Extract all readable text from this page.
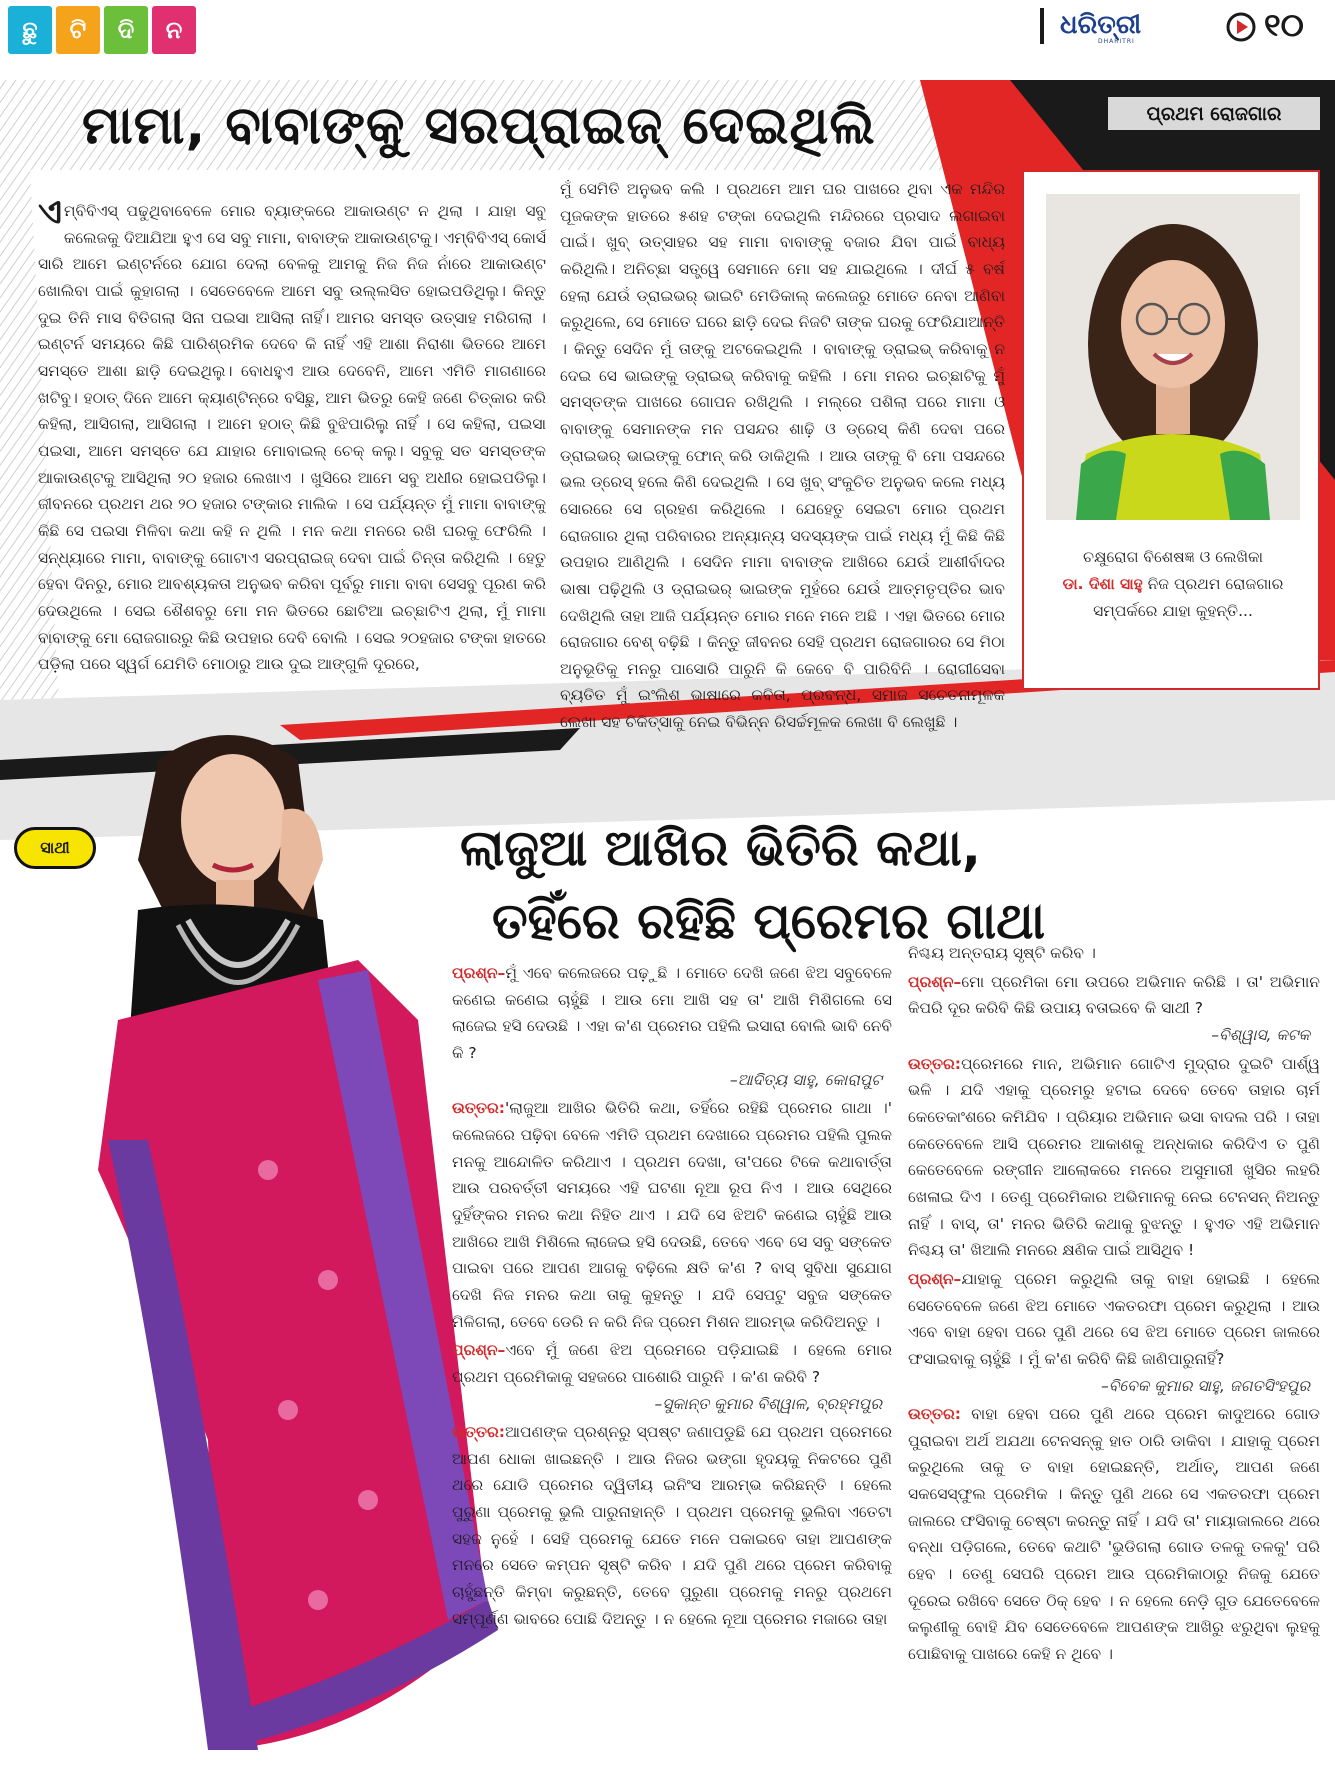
ଛୁ	ଟି	ଦି	ନ	ଧରିତ୍ରୀ
DHARITRI	୧୦
ମାମା, ବାବାଙ୍କୁ ସରପ୍ରାଇଜ୍ ଦେଇଥିଲି	ପ୍ରଥମ ରୋଜଗାର
ଚକ୍ଷୁରୋଗ ବିଶେଷଜ୍ଞ ଓ ଲେଖିକା
ଡା. ଦିଶା ସାହୁ ନିଜ ପ୍ରଥମ ରୋଜଗାର
ସମ୍ପର୍କରେ ଯାହା କୁହନ୍ତି...
ଏମ୍‌ବିବିଏସ୍ ପଢୁଥିବାବେଳେ ମୋର ବ୍ୟାଙ୍କରେ ଆକାଉଣ୍ଟ ନ ଥିଲା । ଯାହା ସବୁ କଲେଜକୁ ଦିଆଯିଆ ହୁଏ ସେ ସବୁ ମାମା, ବାବାଙ୍କ ଆକାଉଣ୍ଟକୁ। ଏମ୍‌ବିବିଏସ୍ କୋର୍ସ ସାରି ଆମେ ଇଣ୍ଟର୍ନରେ ଯୋଗ ଦେଲା ବେଳକୁ ଆମକୁ ନିଜ ନିଜ ନାଁରେ ଆକାଉଣ୍ଟ ଖୋଲିବା ପାଇଁ କୁହାଗଲା । ସେତେବେଳେ ଆମେ ସବୁ ଉଲ୍ଲସିତ ହୋଇପଡିଥିଲୁ। କିନ୍ତୁ ଦୁଇ ତିନି ମାସ ବିତିଗଲା ସିନା ପଇସା ଆସିଲା ନାହିଁ। ଆମର ସମସ୍ତ ଉତ୍ସାହ ମରିଗଲା । ଇଣ୍ଟର୍ନ ସମୟରେ କିଛି ପାରିଶ୍ରମିକ ଦେବେ କି ନାହିଁ ଏହି ଆଶା ନିରାଶା ଭିତରେ ଆମେ ସମସ୍ତେ ଆଶା ଛାଡ଼ି ଦେଇଥିଲୁ। ବୋଧହୁଏ ଆଉ ଦେବେନି, ଆମେ ଏମିତି ମାଗଣାରେ ଖଟିବୁ। ହଠାତ୍ ଦିନେ ଆମେ କ୍ୟାଣ୍ଟିନ୍‌ରେ ବସିଛୁ, ଆମ ଭିତରୁ କେହି ଜଣେ ଚିତ୍କାର କରି କହିଲା, ଆସିଗଲା, ଆସିଗଲା । ଆମେ ହଠାତ୍ କିଛି ବୁଝିପାରିଲୁ ନାହିଁ । ସେ କହିଲା, ପଇସା ପଇସା, ଆମେ ସମସ୍ତେ ଯେ ଯାହାର ମୋବାଇଲ୍ ଚେକ୍ କଲୁ। ସବୁକୁ ସତ ସମସ୍ତଙ୍କ ଆକାଉଣ୍ଟକୁ ଆସିଥିଲା ୨୦ ହଜାର ଲେଖାଏ । ଖୁସିରେ ଆମେ ସବୁ ଅଧୀର ହୋଇପଡିଲୁ। ଜୀବନରେ ପ୍ରଥମ ଥର ୨୦ ହଜାର ଟଙ୍କାର ମାଲିକ । ସେ ପର୍ଯ୍ୟନ୍ତ ମୁଁ ମାମା ବାବାଙ୍କୁ କିଛି ସେ ପଇସା ମିଳିବା କଥା କହି ନ ଥିଲି । ମନ କଥା ମନରେ ରଖି ଘରକୁ ଫେରିଲି । ସନ୍ଧ୍ୟାରେ ମାମା, ବାବାଙ୍କୁ ଗୋଟାଏ ସରପ୍ରାଇଜ୍ ଦେବା ପାଇଁ ଚିନ୍ତା କରିଥିଲି । ହେତୁ ହେବା ଦିନରୁ, ମୋର ଆବଶ୍ୟକତା ଅନୁଭବ କରିବା ପୂର୍ବରୁ ମାମା ବାବା ସେସବୁ ପୂରଣ କରି ଦେଉଥିଲେ । ସେଇ ଶୈଶବରୁ ମୋ ମନ ଭିତରେ ଛୋଟିଆ ଇଚ୍ଛାଟିଏ ଥିଲା, ମୁଁ ମାମା ବାବାଙ୍କୁ ମୋ ରୋଜଗାରରୁ କିଛି ଉପହାର ଦେବି ବୋଲି । ସେଇ ୨୦ହଜାର ଟଙ୍କା ହାତରେ ପଡ଼ିଲା ପରେ ସ୍ୱର୍ଗ ଯେମିତି ମୋଠାରୁ ଆଉ ଦୁଇ ଆଙ୍ଗୁଳି ଦୂରରେ,
ମୁଁ ସେମିତି ଅନୁଭବ କଲି । ପ୍ରଥମେ ଆମ ଘର ପାଖରେ ଥିବା ଏକ ମନ୍ଦିର ପୂଜକଙ୍କ ହାତରେ ୫ଶହ ଟଙ୍କା ଦେଇଥିଲି ମନ୍ଦିରରେ ପ୍ରସାଦ ଲଗାଇବା ପାଇଁ। ଖୁବ୍ ଉତ୍ସାହର ସହ ମାମା ବାବାଙ୍କୁ ବଜାର ଯିବା ପାଇଁ ବାଧ୍ୟ କରିଥିଲି। ଅନିଚ୍ଛା ସତ୍ତ୍ୱେ ସେମାନେ ମୋ ସହ ଯାଇଥିଲେ । ଦୀର୍ଘ ୫ ବର୍ଷ ହେଲା ଯେଉଁ ଡ୍ରାଇଭର୍ ଭାଇଟି ମେଡିକାଲ୍ କଲେଜରୁ ମୋତେ ନେବା ଆଣିବା କରୁଥିଲେ, ସେ ମୋତେ ଘରେ ଛାଡ଼ି ଦେଇ ନିଜଟି ତାଙ୍କ ଘରକୁ ଫେରିଯାଆନ୍ତି । କିନ୍ତୁ ସେଦିନ ମୁଁ ତାଙ୍କୁ ଅଟକେଇଥିଲି । ବାବାଙ୍କୁ ଡ୍ରାଇଭ୍ କରିବାକୁ ନ ଦେଇ ସେ ଭାଇଙ୍କୁ ଡ୍ରାଇଭ୍ କରିବାକୁ କହିଲି । ମୋ ମନର ଇଚ୍ଛାଟିକୁ ମୁଁ ସମସ୍ତଙ୍କ ପାଖରେ ଗୋପନ ରଖିଥିଲି । ମଲ୍‌ରେ ପଶିଲା ପରେ ମାମା ଓ ବାବାଙ୍କୁ ସେମାନଙ୍କ ମନ ପସନ୍ଦର ଶାଢ଼ି ଓ ଡ୍ରେସ୍ କିଣି ଦେବା ପରେ ଡ୍ରାଇଭର୍ ଭାଇଙ୍କୁ ଫୋନ୍ କରି ଡାକିଥିଲି । ଆଉ ତାଙ୍କୁ ବି ମୋ ପସନ୍ଦରେ ଭଲ ଡ୍ରେସ୍ ହଲେ କିଣି ଦେଇଥିଲି । ସେ ଖୁବ୍ ସଂକୁଚିତ ଅନୁଭବ କଲେ ମଧ୍ୟ ସୋରରେ ସେ ଗ୍ରହଣ କରିଥିଲେ । ଯେହେତୁ ସେଇଟା ମୋର ପ୍ରଥମ ରୋଜଗାର ଥିଲା ପରିବାରର ଅନ୍ୟାନ୍ୟ ସଦସ୍ୟଙ୍କ ପାଇଁ ମଧ୍ୟ ମୁଁ କିଛି କିଛି ଉପହାର ଆଣିଥିଲି । ସେଦିନ ମାମା ବାବାଙ୍କ ଆଖିରେ ଯେଉଁ ଆଶୀର୍ବାଦର ଭାଷା ପଢ଼ିଥିଲି ଓ ଡ୍ରାଇଭର୍ ଭାଇଙ୍କ ମୁହଁରେ ଯେଉଁ ଆତ୍ମତୃପ୍ତିର ଭାବ ଦେଖିଥିଲି ତାହା ଆଜି ପର୍ଯ୍ୟନ୍ତ ମୋର ମନେ ମନେ ଅଛି । ଏହା ଭିତରେ ମୋର ରୋଜଗାର ବେଶ୍ ବଢ଼ିଛି । କିନ୍ତୁ ଜୀବନର ସେହି ପ୍ରଥମ ରୋଜଗାରର ସେ ମିଠା ଅନୁଭୂତିକୁ ମନରୁ ପାସୋରି ପାରୁନି କି କେବେ ବି ପାରିବିନି । ରୋଗୀସେବା ବ୍ୟତିତ ମୁଁ ଇଂଲିଶ ଭାଷାରେ କବିତା, ପ୍ରବନ୍ଧ, ସମାଜ ସଚେତନାମୂଳକ ଲେଖା ସହ ଚିକିତ୍ସାକୁ ନେଇ ବିଭିନ୍ନ ରିସର୍ଚ୍ଚମୂଳକ ଲେଖା ବି ଲେଖୁଛି ।
ସାଥୀ	ଲାଜୁଆ ଆଖିର ଭିତିରି କଥା,
ତହିଁରେ ରହିଛି ପ୍ରେମର ଗାଥା
ପ୍ରଶ୍ନ–ମୁଁ ଏବେ କଲେଜରେ ପଢ଼ୁଛି । ମୋତେ ଦେଖି ଜଣେ ଝିଅ ସବୁବେଳେ କଣେଇ କଣେଇ ଚାହୁଁଛି । ଆଉ ମୋ ଆଖି ସହ ତା' ଆଖି ମିଶିଗଲେ ସେ ଲାଜେଇ ହସି ଦେଉଛି । ଏହା କ'ଣ ପ୍ରେମର ପହିଲି ଇସାରା ବୋଲି ଭାବି ନେବି କି ?
–ଆଦିତ୍ୟ ସାହୁ, କୋରାପୁଟ
ଉତ୍ତର:'ଲାଜୁଆ ଆଖିର ଭିତିରି କଥା, ତହିଁରେ ରହିଛି ପ୍ରେମର ଗାଥା ।' କଲେଜରେ ପଢ଼ିବା ବେଳେ ଏମିତି ପ୍ରଥମ ଦେଖାରେ ପ୍ରେମର ପହିଲି ପୁଲକ ମନକୁ ଆନ୍ଦୋଳିତ କରିଥାଏ । ପ୍ରଥମ ଦେଖା, ତା'ପରେ ଟିକେ କଥାବାର୍ତ୍ତା ଆଉ ପରବର୍ତ୍ତୀ ସମୟରେ ଏହି ଘଟଣା ନୂଆ ରୂପ ନିଏ । ଆଉ ସେଥିରେ ଦୁହିଁଙ୍କର ମନର କଥା ନିହିତ ଥାଏ । ଯଦି ସେ ଝିଅଟି କଣେଇ ଚାହୁଁଛି ଆଉ ଆଖିରେ ଆଖି ମିଶିଲେ ଲାଜେଇ ହସି ଦେଉଛି, ତେବେ ଏବେ ସେ ସବୁ ସଙ୍କେତ ପାଇବା ପରେ ଆପଣ ଆଗକୁ ବଢ଼ିଲେ କ୍ଷତି କ'ଣ ? ବାସ୍ ସୁବିଧା ସୁଯୋଗ ଦେଖି ନିଜ ମନର କଥା ତାକୁ କୁହନ୍ତୁ । ଯଦି ସେପଟୁ ସବୁଜ ସଙ୍କେତ ମିଳିଗଲା, ତେବେ ଡେରି ନ କରି ନିଜ ପ୍ରେମ ମିଶନ ଆରମ୍ଭ କରିଦିଅନ୍ତୁ ।
ପ୍ରଶ୍ନ–ଏବେ ମୁଁ ଜଣେ ଝିଅ ପ୍ରେମରେ ପଡ଼ିଯାଇଛି । ହେଲେ ମୋର ପ୍ରଥମ ପ୍ରେମିକାକୁ ସହଜରେ ପାଶୋରି ପାରୁନି । କ'ଣ କରିବି ?
–ସୁକାନ୍ତ କୁମାର ବିଶ୍ୱାଳ, ବ୍ରହ୍ମପୁର
ଉତ୍ତର:ଆପଣଙ୍କ ପ୍ରଶ୍ନରୁ ସ୍ପଷ୍ଟ ଜଣାପଡୁଛି ଯେ ପ୍ରଥମ ପ୍ରେମରେ ଆପଣ ଧୋକା ଖାଇଛନ୍ତି । ଆଉ ନିଜର ଭଙ୍ଗା ହୃଦୟକୁ ନିକଟରେ ପୁଣି ଥରେ ଯୋଡି ପ୍ରେମର ଦ୍ୱିତୀୟ ଇନିଂସ ଆରମ୍ଭ କରିଛନ୍ତି । ହେଲେ ପୁରୁଣା ପ୍ରେମକୁ ଭୁଲି ପାରୁନାହାନ୍ତି । ପ୍ରଥମ ପ୍ରେମକୁ ଭୁଲିବା ଏତେଟା ସହଜ ନୁହେଁ । ସେହି ପ୍ରେମକୁ ଯେତେ ମନେ ପକାଇବେ ତାହା ଆପଣଙ୍କ ମନରେ ସେତେ କମ୍ପନ ସୃଷ୍ଟି କରିବ । ଯଦି ପୁଣି ଥରେ ପ୍ରେମ କରିବାକୁ ଚାହୁଁଛନ୍ତି କିମ୍ବା କରୁଛନ୍ତି, ତେବେ ପୁରୁଣା ପ୍ରେମକୁ ମନରୁ ପ୍ରଥମେ ସମ୍ପୂର୍ଣ୍ଣ ଭାବରେ ପୋଛି ଦିଅନ୍ତୁ । ନ ହେଲେ ନୂଆ ପ୍ରେମର ମଜାରେ ତାହା
ନିଶ୍ଚୟ ଅନ୍ତରାୟ ସୃଷ୍ଟି କରିବ ।
ପ୍ରଶ୍ନ–ମୋ ପ୍ରେମିକା ମୋ ଉପରେ ଅଭିମାନ କରିଛି । ତା' ଅଭିମାନ କିପରି ଦୂର କରିବି କିଛି ଉପାୟ ବତାଇବେ କି ସାଥୀ ?
–ବିଶ୍ୱାସ, କଟକ
ଉତ୍ତର:ପ୍ରେମରେ ମାନ, ଅଭିମାନ ଗୋଟିଏ ମୁଦ୍ରାର ଦୁଇଟି ପାର୍ଶ୍ୱ ଭଳି । ଯଦି ଏହାକୁ ପ୍ରେମରୁ ହଟାଇ ଦେବେ ତେବେ ତାହାର ଚାର୍ମ କେତେକାଂଶରେ କମିଯିବ । ପ୍ରିୟାର ଅଭିମାନ ଭସା ବାଦଲ ପରି । ତାହା କେତେବେଳେ ଆସି ପ୍ରେମର ଆକାଶକୁ ଅନ୍ଧକାର କରିଦିଏ ତ ପୁଣି କେତେବେଳେ ରଙ୍ଗୀନ ଆଲୋକରେ ମନରେ ଅସୁମାରୀ ଖୁସିର ଲହରି ଖେଳାଇ ଦିଏ । ତେଣୁ ପ୍ରେମିକାର ଅଭିମାନକୁ ନେଇ ଟେନସନ୍ ନିଅନ୍ତୁ ନାହିଁ । ବାସ୍, ତା' ମନର ଭିତିରି କଥାକୁ ବୁଝନ୍ତୁ । ହୁଏତ ଏହି ଅଭିମାନ ନିଶ୍ଚୟ ତା' ଖିଆଲି ମନରେ କ୍ଷଣିକ ପାଇଁ ଆସିଥିବ !
ପ୍ରଶ୍ନ–ଯାହାକୁ ପ୍ରେମ କରୁଥିଲି ତାକୁ ବାହା ହୋଇଛି । ହେଲେ ସେତେବେଳେ ଜଣେ ଝିଅ ମୋତେ ଏକତରଫା ପ୍ରେମ କରୁଥିଲା । ଆଉ ଏବେ ବାହା ହେବା ପରେ ପୁଣି ଥରେ ସେ ଝିଅ ମୋତେ ପ୍ରେମ ଜାଲରେ ଫସାଇବାକୁ ଚାହୁଁଛି । ମୁଁ କ'ଣ କରିବି କିଛି ଜାଣିପାରୁନାହିଁ?
–ବିବେକ କୁମାର ସାହୁ, ଜଗତସିଂହପୁର
ଉତ୍ତର: ବାହା ହେବା ପରେ ପୁଣି ଥରେ ପ୍ରେମ କାଦୁଅରେ ଗୋଡ ପୁରାଇବା ଅର୍ଥ ଅଯଥା ଟେନସନ୍‌କୁ ହାତ ଠାରି ଡାକିବା । ଯାହାକୁ ପ୍ରେମ କରୁଥିଲେ ତାକୁ ତ ବାହା ହୋଇଛନ୍ତି, ଅର୍ଥାତ୍, ଆପଣ ଜଣେ ସକସେସ୍‌ଫୁଲ ପ୍ରେମିକ । କିନ୍ତୁ ପୁଣି ଥରେ ସେ ଏକତରଫା ପ୍ରେମ ଜାଲରେ ଫସିବାକୁ ଚେଷ୍ଟା କରନ୍ତୁ ନାହିଁ । ଯଦି ତା' ମାୟାଜାଲରେ ଥରେ ବନ୍ଧା ପଡ଼ିଗଲେ, ତେବେ କଥାଟି 'ଭୁଡିଗଲା ଗୋଡ ତଳକୁ ତଳକୁ' ପରି ହେବ । ତେଣୁ ସେପରି ପ୍ରେମ ଆଉ ପ୍ରେମିକାଠାରୁ ନିଜକୁ ଯେତେ ଦୂରେଇ ରଖିବେ ସେତେ ଠିକ୍ ହେବ । ନ ହେଲେ ନେଡ଼ି ଗୁଡ ଯେତେବେଳେ କଲୁଣୀକୁ ବୋହି ଯିବ ସେତେବେଳେ ଆପଣଙ୍କ ଆଖିରୁ ଝରୁଥିବା ଲୁହକୁ ପୋଛିବାକୁ ପାଖରେ କେହି ନ ଥିବେ ।
